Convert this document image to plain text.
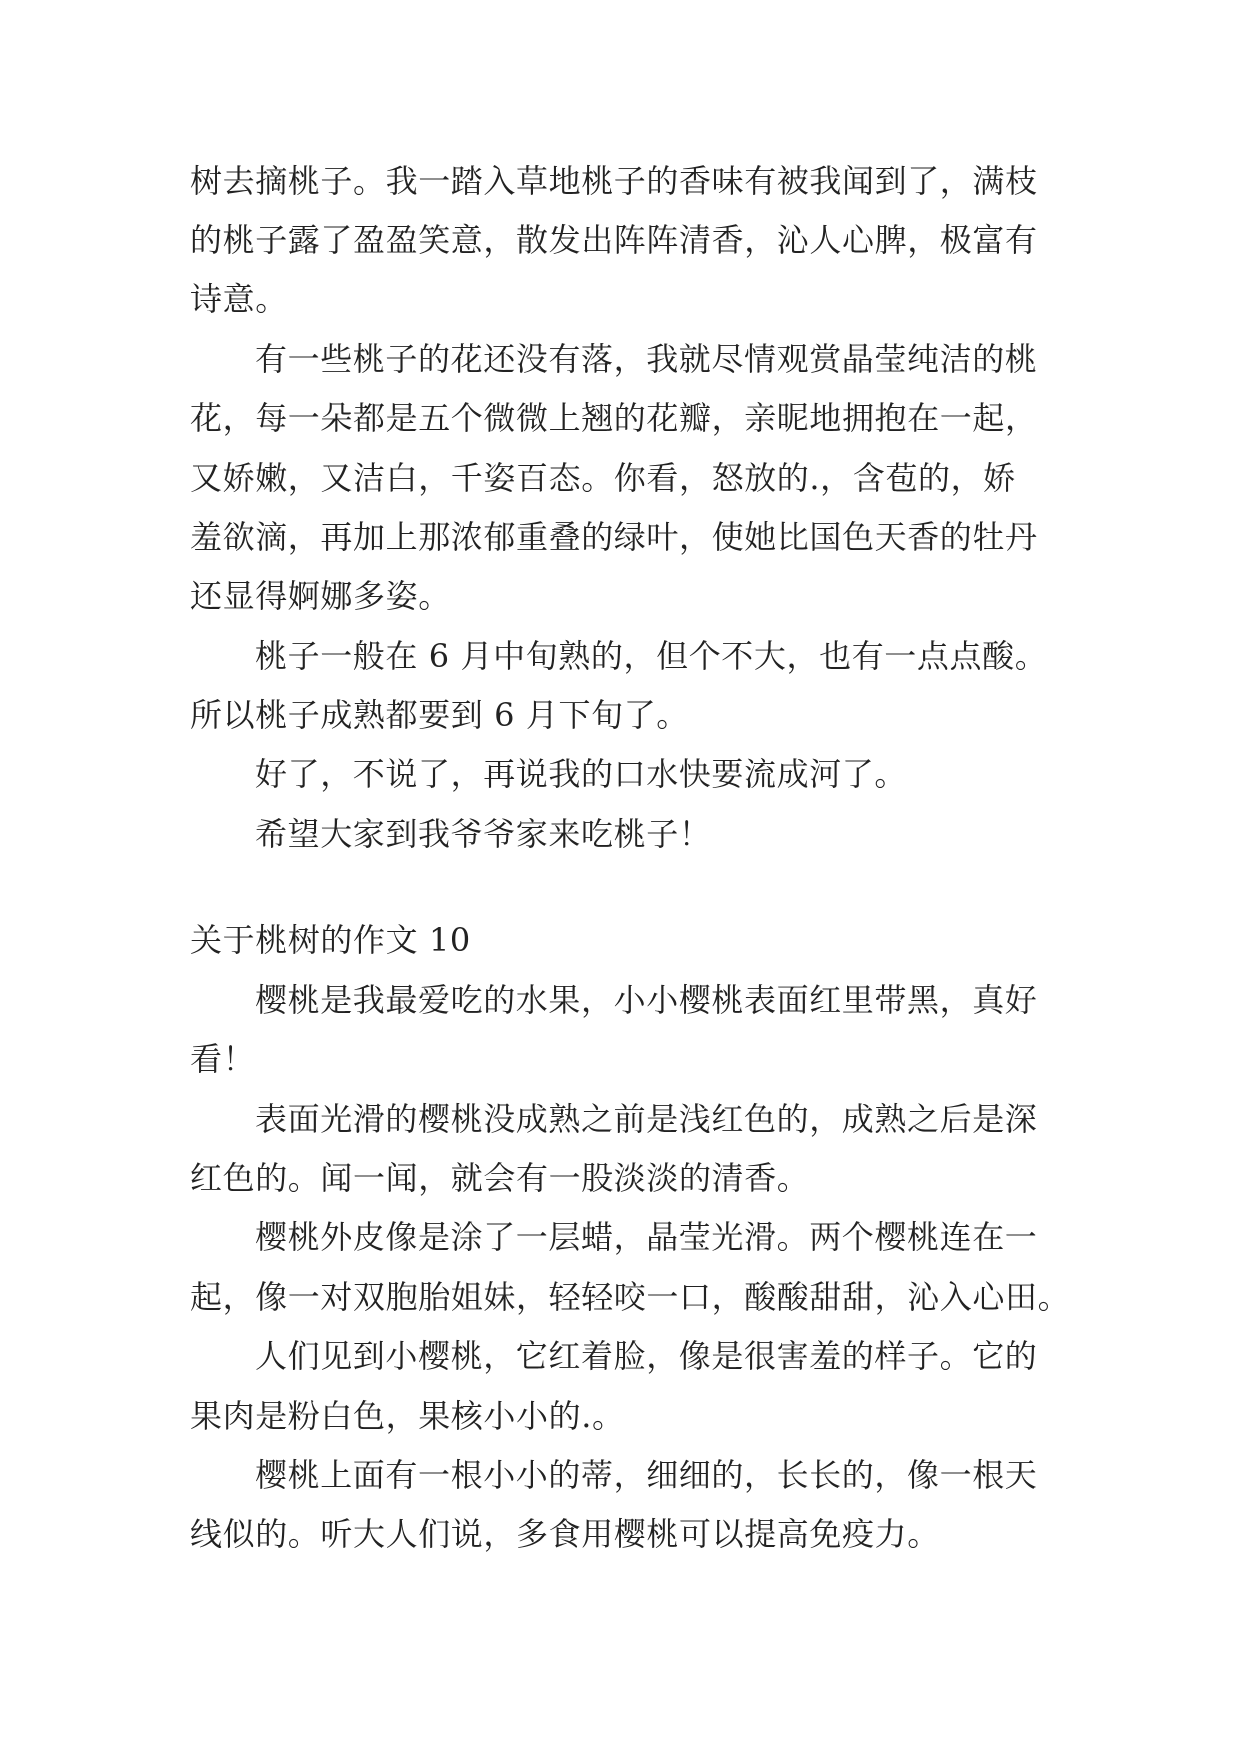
树去摘桃子。我一踏入草地桃子的香味有被我闻到了，满枝
的桃子露了盈盈笑意，散发出阵阵清香，沁人心脾，极富有
诗意。
有一些桃子的花还没有落，我就尽情观赏晶莹纯洁的桃
花，每一朵都是五个微微上翘的花瓣，亲昵地拥抱在一起，
又娇嫩，又洁白，千姿百态。你看，怒放的.，含苞的，娇
羞欲滴，再加上那浓郁重叠的绿叶，使她比国色天香的牡丹
还显得婀娜多姿。
桃子一般在 6 月中旬熟的，但个不大，也有一点点酸。
所以桃子成熟都要到 6 月下旬了。
好了，不说了，再说我的口水快要流成河了。
希望大家到我爷爷家来吃桃子！
关于桃树的作文 10
樱桃是我最爱吃的水果，小小樱桃表面红里带黑，真好
看！
表面光滑的樱桃没成熟之前是浅红色的，成熟之后是深
红色的。闻一闻，就会有一股淡淡的清香。
樱桃外皮像是涂了一层蜡，晶莹光滑。两个樱桃连在一
起，像一对双胞胎姐妹，轻轻咬一口，酸酸甜甜，沁入心田。
人们见到小樱桃，它红着脸，像是很害羞的样子。它的
果肉是粉白色，果核小小的.。
樱桃上面有一根小小的蒂，细细的，长长的，像一根天
线似的。听大人们说，多食用樱桃可以提高免疫力。
